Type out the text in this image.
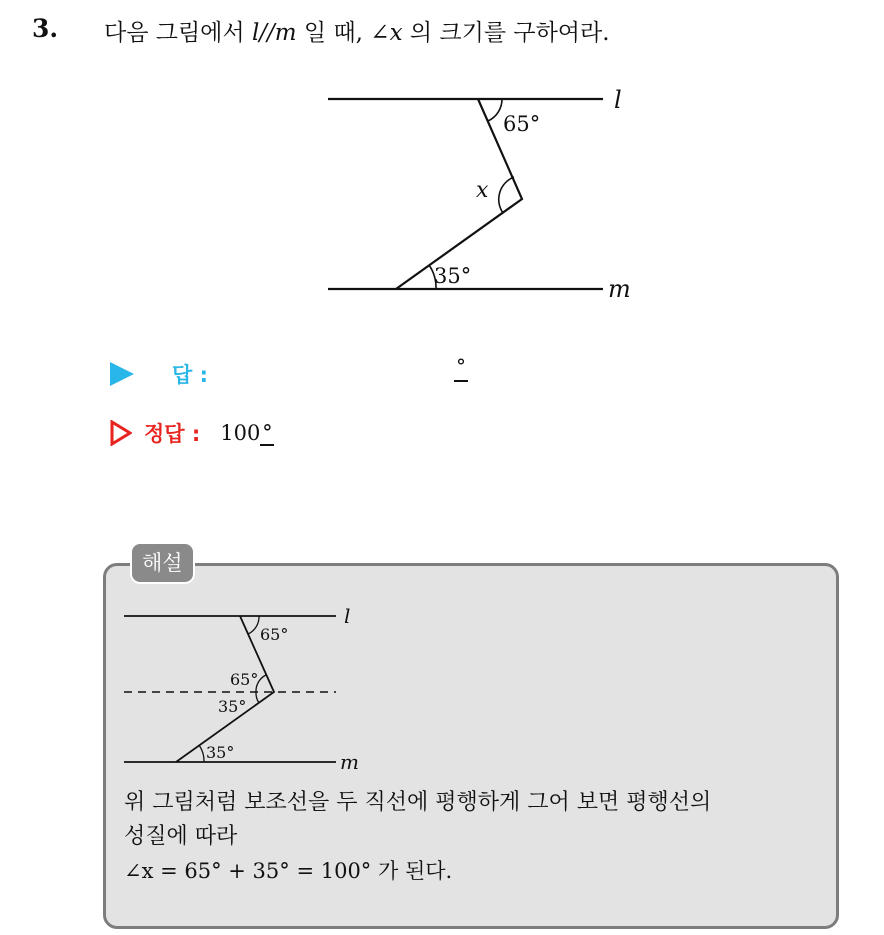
3. 다음 그림에서 l//m 일 때, ∠x 의 크기를 구하여라.
l
m
65°
x
35°
답 :	°
정답 : 100°
해설
l
m
65°
65°
35°
35°
위 그림처럼 보조선을 두 직선에 평행하게 그어 보면 평행선의
성질에 따라
∠x = 65° + 35° = 100° 가 된다.
